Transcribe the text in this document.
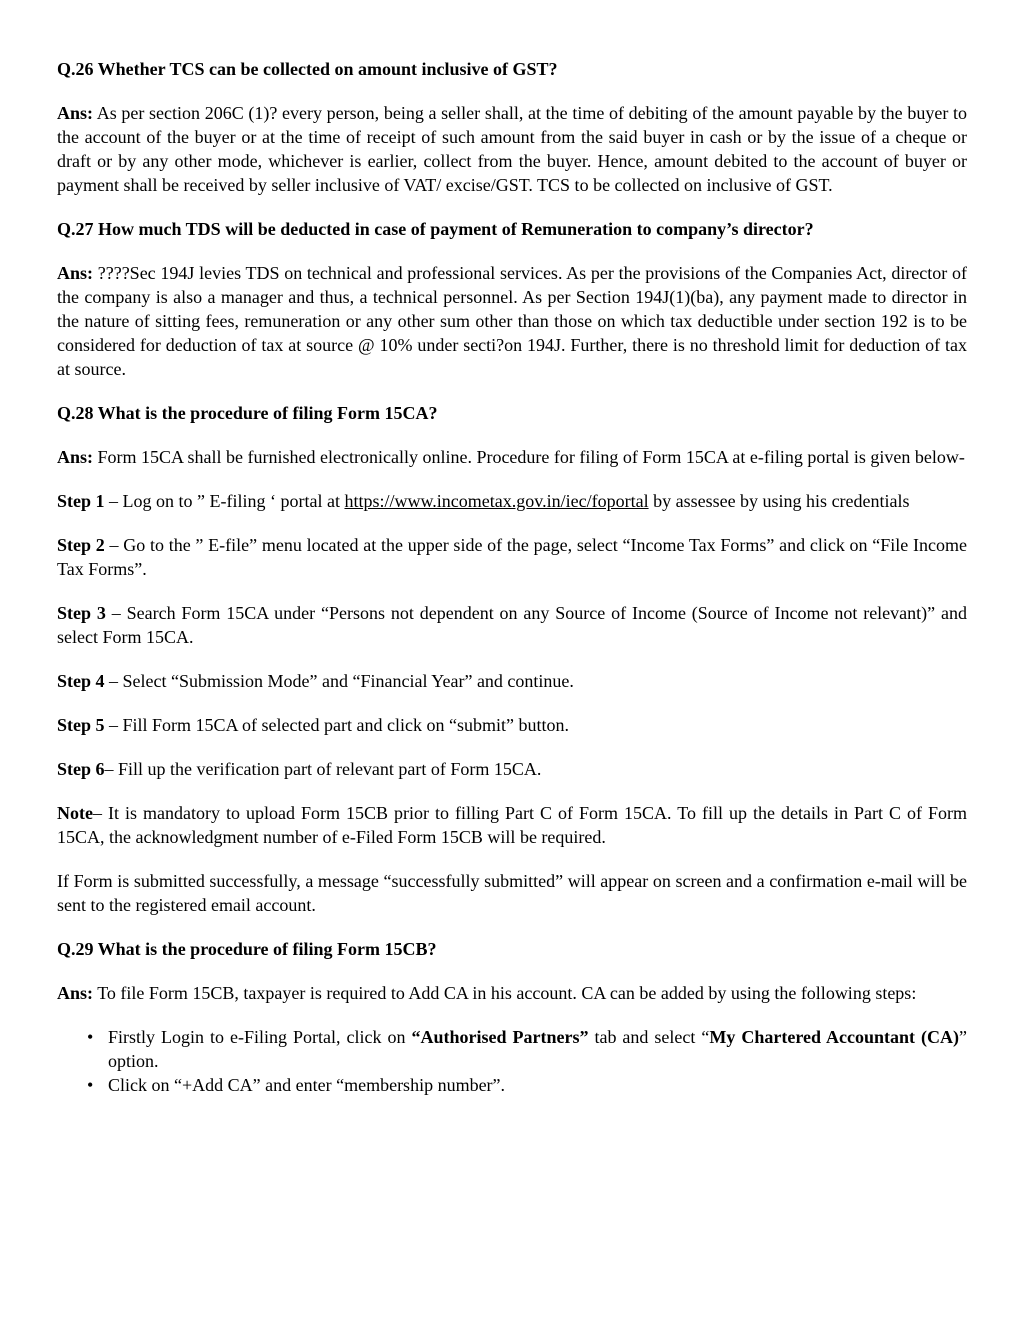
Q.26 Whether TCS can be collected on amount inclusive of GST?

Ans: As per section 206C (1)? every person, being a seller shall, at the time of debiting of the amount payable by the buyer to the account of the buyer or at the time of receipt of such amount from the said buyer in cash or by the issue of a cheque or draft or by any other mode, whichever is earlier, collect from the buyer. Hence, amount debited to the account of buyer or payment shall be received by seller inclusive of VAT/ excise/GST. TCS to be collected on inclusive of GST.

Q.27 How much TDS will be deducted in case of payment of Remuneration to company’s director?

Ans: ????Sec 194J levies TDS on technical and professional services. As per the provisions of the Companies Act, director of the company is also a manager and thus, a technical personnel. As per Section 194J(1)(ba), any payment made to director in the nature of sitting fees, remuneration or any other sum other than those on which tax deductible under section 192 is to be considered for deduction of tax at source @ 10% under secti?on 194J. Further, there is no threshold limit for deduction of tax at source.

Q.28 What is the procedure of filing Form 15CA?

Ans: Form 15CA shall be furnished electronically online. Procedure for filing of Form 15CA at e-filing portal is given below-

Step 1 – Log on to ” E-filing ‘ portal at https://www.incometax.gov.in/iec/foportal by assessee by using his credentials

Step 2 – Go to the ” E-file” menu located at the upper side of the page, select “Income Tax Forms” and click on “File Income Tax Forms”.

Step 3 – Search Form 15CA under “Persons not dependent on any Source of Income (Source of Income not relevant)” and select Form 15CA.

Step 4 – Select “Submission Mode” and “Financial Year” and continue.

Step 5 – Fill Form 15CA of selected part and click on “submit” button.

Step 6– Fill up the verification part of relevant part of Form 15CA.

Note– It is mandatory to upload Form 15CB prior to filling Part C of Form 15CA. To fill up the details in Part C of Form 15CA, the acknowledgment number of e-Filed Form 15CB will be required.

If Form is submitted successfully, a message “successfully submitted” will appear on screen and a confirmation e-mail will be sent to the registered email account.

Q.29 What is the procedure of filing Form 15CB?

Ans: To file Form 15CB, taxpayer is required to Add CA in his account. CA can be added by using the following steps:

• Firstly Login to e-Filing Portal, click on “Authorised Partners” tab and select “My Chartered Accountant (CA)” option.
• Click on “+Add CA” and enter “membership number”.
